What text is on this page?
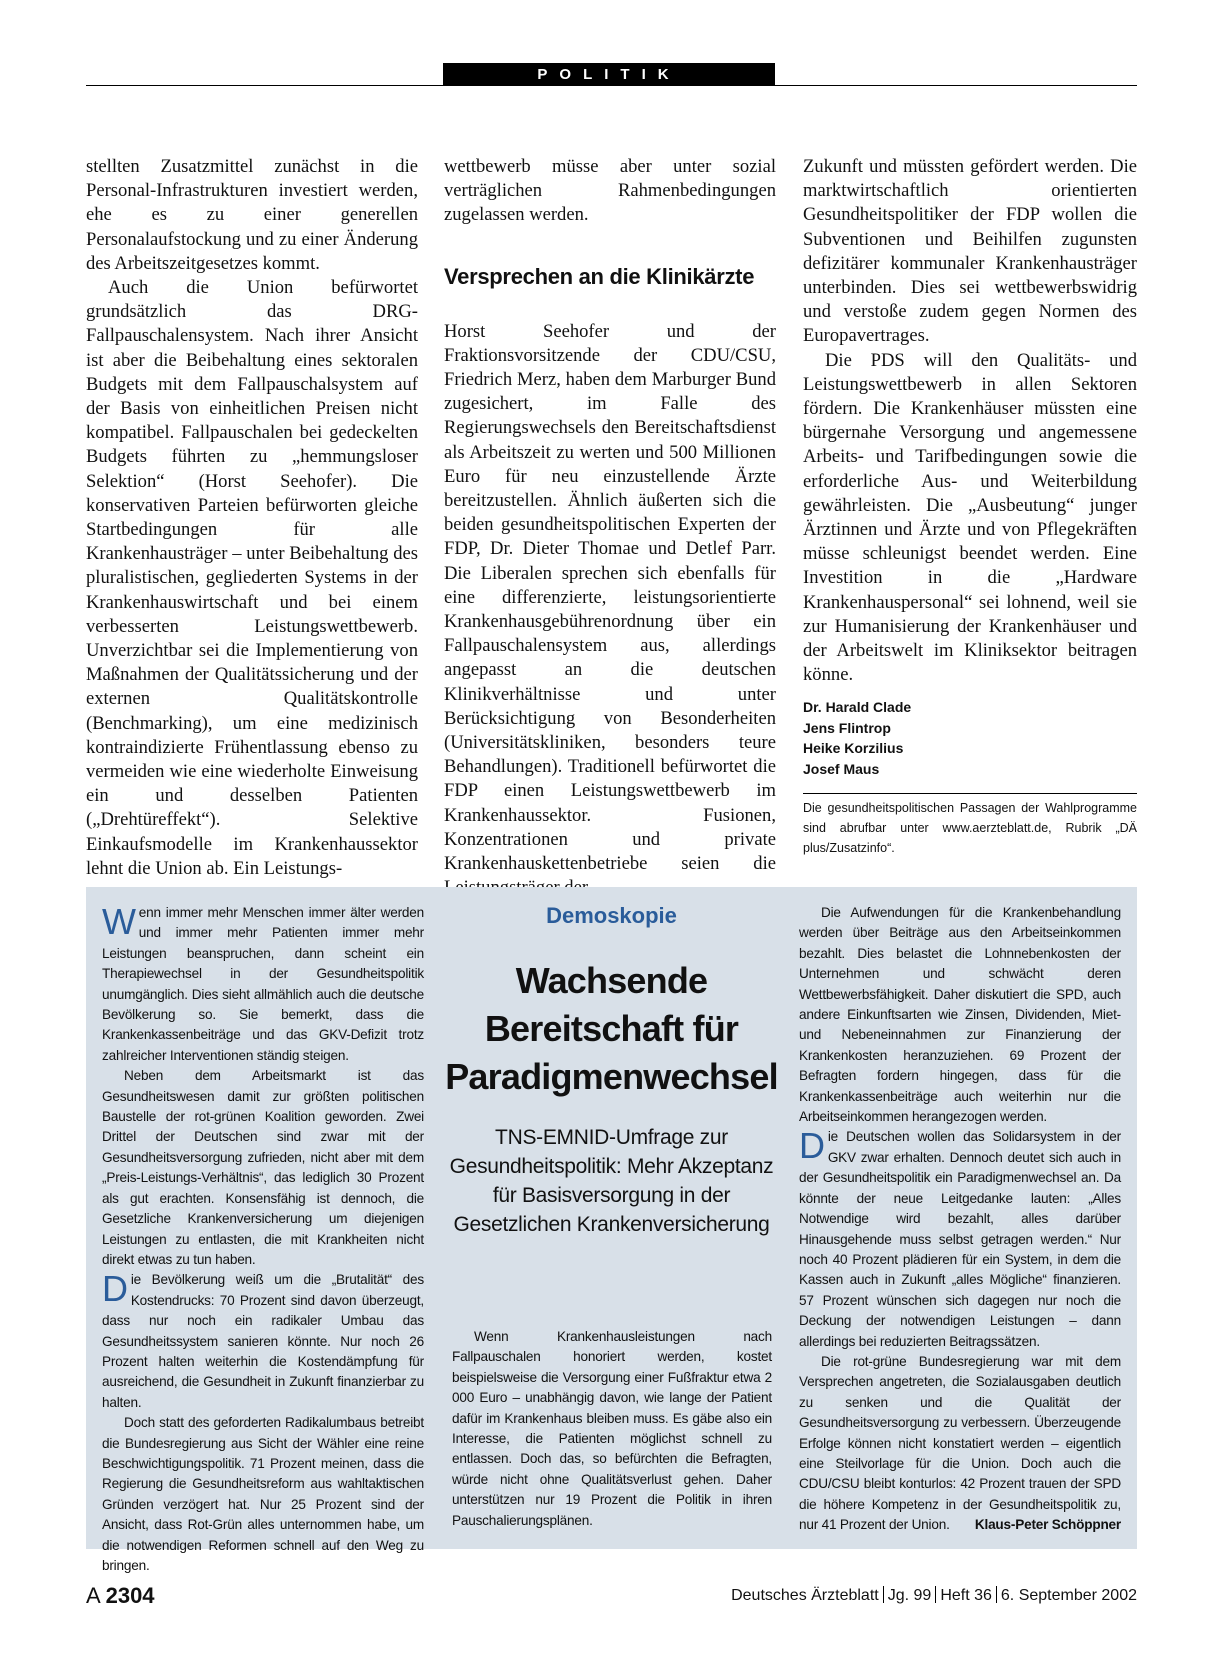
POLITIK

stellten Zusatzmittel zunächst in die Personal-Infrastrukturen investiert werden, ehe es zu einer generellen Personalaufstockung und zu einer Änderung des Arbeitszeitgesetzes kommt.

Auch die Union befürwortet grundsätzlich das DRG-Fallpauschalensystem. Nach ihrer Ansicht ist aber die Beibehaltung eines sektoralen Budgets mit dem Fallpauschalsystem auf der Basis von einheitlichen Preisen nicht kompatibel. Fallpauschalen bei gedeckelten Budgets führten zu „hemmungsloser Selektion“ (Horst Seehofer). Die konservativen Parteien befürworten gleiche Startbedingungen für alle Krankenhausträger – unter Beibehaltung des pluralistischen, gegliederten Systems in der Krankenhauswirtschaft und bei einem verbesserten Leistungswettbewerb. Unverzichtbar sei die Implementierung von Maßnahmen der Qualitätssicherung und der externen Qualitätskontrolle (Benchmarking), um eine medizinisch kontraindizierte Frühentlassung ebenso zu vermeiden wie eine wiederholte Einweisung ein und desselben Patienten („Drehtüreffekt“). Selektive Einkaufsmodelle im Krankenhaussektor lehnt die Union ab. Ein Leistungs-

wettbewerb müsse aber unter sozial verträglichen Rahmenbedingungen zugelassen werden.

Versprechen an die Klinikärzte

Horst Seehofer und der Fraktionsvorsitzende der CDU/CSU, Friedrich Merz, haben dem Marburger Bund zugesichert, im Falle des Regierungswechsels den Bereitschaftsdienst als Arbeitszeit zu werten und 500 Millionen Euro für neu einzustellende Ärzte bereitzustellen. Ähnlich äußerten sich die beiden gesundheitspolitischen Experten der FDP, Dr. Dieter Thomae und Detlef Parr. Die Liberalen sprechen sich ebenfalls für eine differenzierte, leistungsorientierte Krankenhausgebührenordnung über ein Fallpauschalensystem aus, allerdings angepasst an die deutschen Klinikverhältnisse und unter Berücksichtigung von Besonderheiten (Universitätskliniken, besonders teure Behandlungen). Traditionell befürwortet die FDP einen Leistungswettbewerb im Krankenhaussektor. Fusionen, Konzentrationen und private Krankenhauskettenbetriebe seien die

Zukunft und müssten gefördert werden. Die marktwirtschaftlich orientierten Gesundheitspolitiker der FDP wollen die Subventionen und Beihilfen zugunsten defizitärer kommunaler Krankenhausträger unterbinden. Dies sei wettbewerbswidrig und verstoße zudem gegen Normen des Europavertrages.

Die PDS will den Qualitäts- und Leistungswettbewerb in allen Sektoren fördern. Die Krankenhäuser müssten eine bürgernahe Versorgung und angemessene Arbeits- und Tarifbedingungen sowie die erforderliche Aus- und Weiterbildung gewährleisten. Die „Ausbeutung“ junger Ärztinnen und Ärzte und von Pflegekräften müsse schleunigst beendet werden. Eine Investition in die „Hardware Krankenhauspersonal“ sei lohnend, weil sie zur Humanisierung der Krankenhäuser und der Arbeitswelt im Kliniksektor beitragen könne.

Dr. Harald Clade
Jens Flintrop
Heike Korzilius
Josef Maus
Die gesundheitspolitischen Passagen der Wahlprogramme sind abrufbar unter www.aerzteblatt.de, Rubrik „DÄ plus/Zusatzinfo“.

Wenn immer mehr Menschen immer älter werden und immer mehr Patienten immer mehr Leistungen beanspruchen, dann scheint ein Therapiewechsel in der Gesundheitspolitik unumgänglich. Dies sieht allmählich auch die deutsche Bevölkerung so. Sie bemerkt, dass die Krankenkassenbeiträge und das GKV-Defizit trotz zahlreicher Interventionen ständig steigen.

Neben dem Arbeitsmarkt ist das Gesundheitswesen damit zur größten politischen Baustelle der rot-grünen Koalition geworden. Zwei Drittel der Deutschen sind zwar mit der Gesundheitsversorgung zufrieden, nicht aber mit dem „Preis-Leistungs-Verhältnis“, das lediglich 30 Prozent als gut erachten. Konsensfähig ist dennoch, die Gesetzliche Krankenversicherung um diejenigen Leistungen zu entlasten, die mit Krankheiten nicht direkt etwas zu tun haben.

Die Bevölkerung weiß um die „Brutalität“ des Kostendrucks: 70 Prozent sind davon überzeugt, dass nur noch ein radikaler Umbau das Gesundheitssystem sanieren könnte. Nur noch 26 Prozent halten weiterhin die Kostendämpfung für ausreichend, die Gesundheit in Zukunft finanzierbar zu halten.

Doch statt des geforderten Radikalumbaus betreibt die Bundesregierung aus Sicht der Wähler eine reine Beschwichtigungspolitik. 71 Prozent meinen, dass die Regierung die Gesundheitsreform aus wahltaktischen Gründen verzögert hat. Nur 25 Prozent sind der Ansicht, dass Rot-Grün alles unternommen habe, um die notwendigen Reformen schnell auf den Weg zu bringen.

Demoskopie
Wachsende Bereitschaft für Paradigmenwechsel
TNS-EMNID-Umfrage zur Gesundheitspolitik: Mehr Akzeptanz für Basisversorgung in der Gesetzlichen Krankenversicherung

Wenn Krankenhausleistungen nach Fallpauschalen honoriert werden, kostet beispielsweise die Versorgung einer Fußfraktur etwa 2 000 Euro – unabhängig davon, wie lange der Patient dafür im Krankenhaus bleiben muss. Es gäbe also ein Interesse, die Patienten möglichst schnell zu entlassen. Doch das, so befürchten die Befragten, würde nicht ohne Qualitätsverlust gehen. Daher unterstützen nur 19 Prozent die Politik in ihren Pauschalierungsplänen.

Die Aufwendungen für die Krankenbehandlung werden über Beiträge aus den Arbeitseinkommen bezahlt. Dies belastet die Lohnnebenkosten der Unternehmen und schwächt deren Wettbewerbsfähigkeit. Daher diskutiert die SPD, auch andere Einkunftsarten wie Zinsen, Dividenden, Miet- und Nebeneinnahmen zur Finanzierung der Krankenkosten heranzuziehen. 69 Prozent der Befragten fordern hingegen, dass für die Krankenkassenbeiträge auch weiterhin nur die Arbeitseinkommen herangezogen werden.

Die Deutschen wollen das Solidarsystem in der GKV zwar erhalten. Dennoch deutet sich auch in der Gesundheitspolitik ein Paradigmenwechsel an. Da könnte der neue Leitgedanke lauten: „Alles Notwendige wird bezahlt, alles darüber Hinausgehende muss selbst getragen werden.“ Nur noch 40 Prozent plädieren für ein System, in dem die Kassen auch in Zukunft „alles Mögliche“ finanzieren. 57 Prozent wünschen sich dagegen nur noch die Deckung der notwendigen Leistungen – dann allerdings bei reduzierten Beitragssätzen.

Die rot-grüne Bundesregierung war mit dem Versprechen angetreten, die Sozialausgaben deutlich zu senken und die Qualität der Gesundheitsversorgung zu verbessern. Überzeugende Erfolge können nicht konstatiert werden – eigentlich eine Steilvorlage für die Union. Doch auch die CDU/CSU bleibt konturlos: 42 Prozent trauen der SPD die höhere Kompetenz in der Gesundheitspolitik zu, nur 41 Prozent der Union.	Klaus-Peter Schöppner

A 2304	Deutsches Ärzteblatt Jg. 99 Heft 36 6. September 2002
